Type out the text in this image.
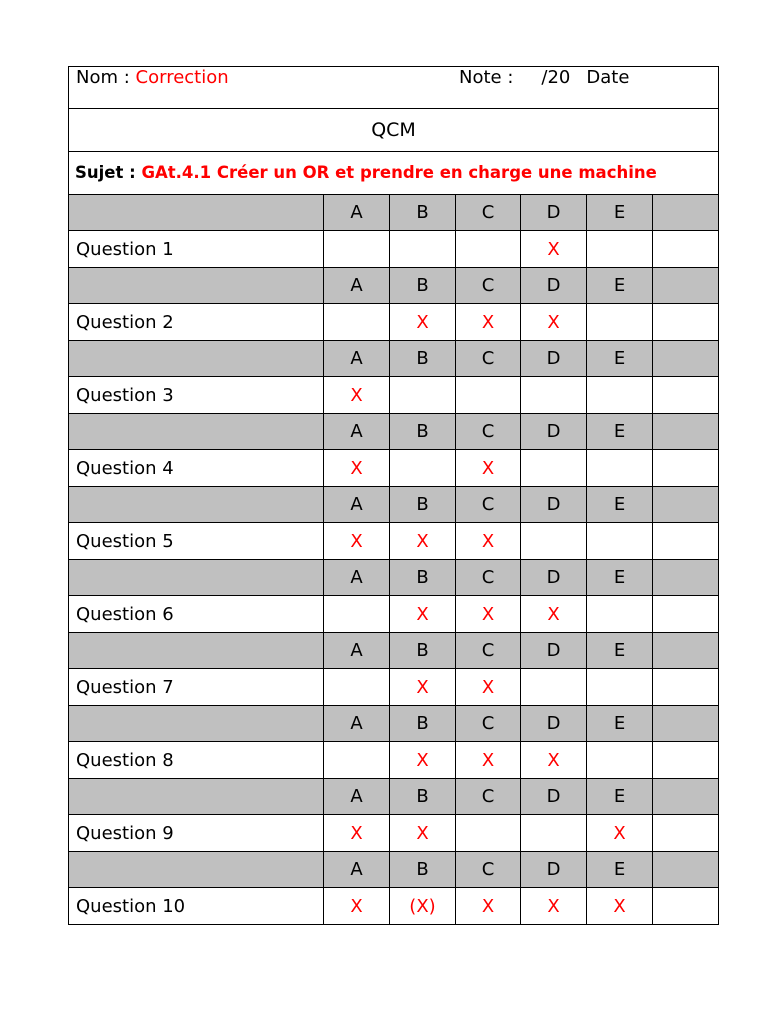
Nom : Correction Note : /20 Date						

QCM						

Sujet : GAt.4.1 Créer un OR et prendre en charge une machine						

	A	B	C	D	E	
Question 1				X		
	A	B	C	D	E	
Question 2		X	X	X		
	A	B	C	D	E	
Question 3	X					
	A	B	C	D	E	
Question 4	X		X			
	A	B	C	D	E	
Question 5	X	X	X			
	A	B	C	D	E	
Question 6		X	X	X		
	A	B	C	D	E	
Question 7		X	X			
	A	B	C	D	E	
Question 8		X	X	X		
	A	B	C	D	E	
Question 9	X	X			X	
	A	B	C	D	E	
Question 10	X	(X)	X	X	X	
